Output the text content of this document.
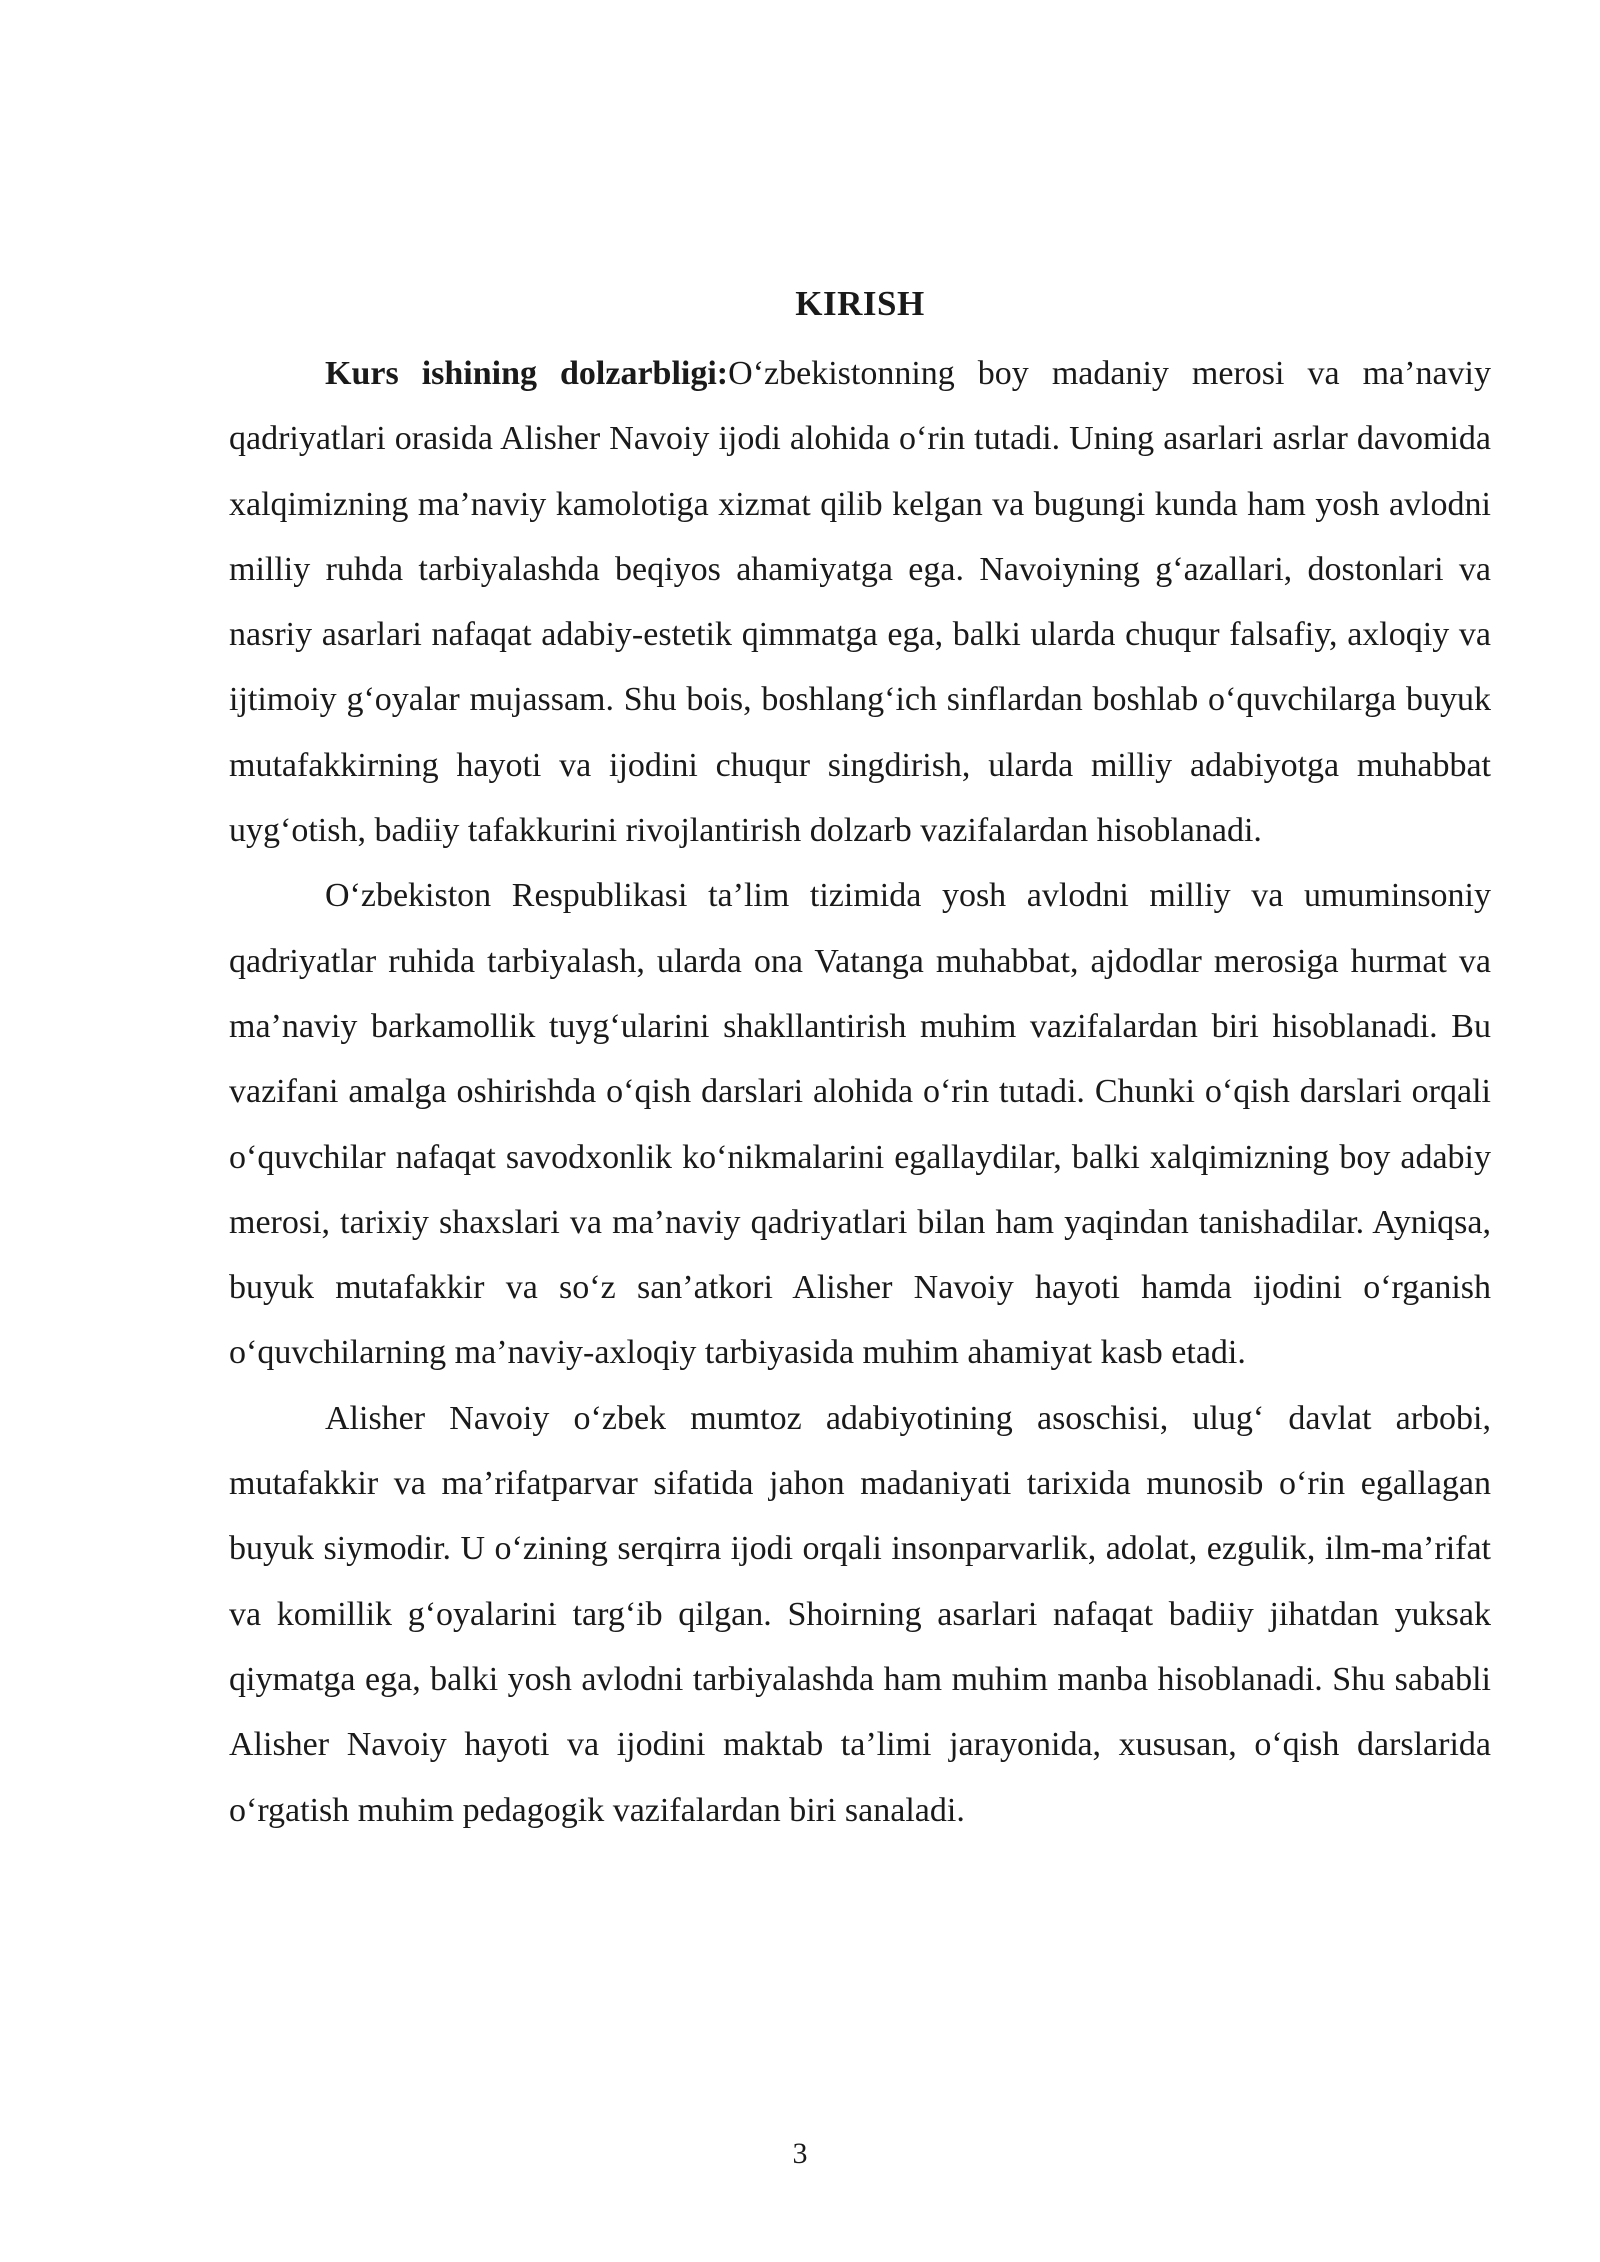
KIRISH

Kurs ishining dolzarbligi:O‘zbekistonning boy madaniy merosi va ma’naviy qadriyatlari orasida Alisher Navoiy ijodi alohida o‘rin tutadi. Uning asarlari asrlar davomida xalqimizning ma’naviy kamolotiga xizmat qilib kelgan va bugungi kunda ham yosh avlodni milliy ruhda tarbiyalashda beqiyos ahamiyatga ega. Navoiyning g‘azallari, dostonlari va nasriy asarlari nafaqat adabiy-estetik qimmatga ega, balki ularda chuqur falsafiy, axloqiy va ijtimoiy g‘oyalar mujassam. Shu bois, boshlang‘ich sinflardan boshlab o‘quvchilarga buyuk mutafakkirning hayoti va ijodini chuqur singdirish, ularda milliy adabiyotga muhabbat uyg‘otish, badiiy tafakkurini rivojlantirish dolzarb vazifalardan hisoblanadi.

O‘zbekiston Respublikasi ta’lim tizimida yosh avlodni milliy va umuminsoniy qadriyatlar ruhida tarbiyalash, ularda ona Vatanga muhabbat, ajdodlar merosiga hurmat va ma’naviy barkamollik tuyg‘ularini shakllantirish muhim vazifalardan biri hisoblanadi. Bu vazifani amalga oshirishda o‘qish darslari alohida o‘rin tutadi. Chunki o‘qish darslari orqali o‘quvchilar nafaqat savodxonlik ko‘nikmalarini egallaydilar, balki xalqimizning boy adabiy merosi, tarixiy shaxslari va ma’naviy qadriyatlari bilan ham yaqindan tanishadilar. Ayniqsa, buyuk mutafakkir va so‘z san’atkori Alisher Navoiy hayoti hamda ijodini o‘rganish o‘quvchilarning ma’naviy-axloqiy tarbiyasida muhim ahamiyat kasb etadi.

Alisher Navoiy o‘zbek mumtoz adabiyotining asoschisi, ulug‘ davlat arbobi, mutafakkir va ma’rifatparvar sifatida jahon madaniyati tarixida munosib o‘rin egallagan buyuk siymodir. U o‘zining serqirra ijodi orqali insonparvarlik, adolat, ezgulik, ilm-ma’rifat va komillik g‘oyalarini targ‘ib qilgan. Shoirning asarlari nafaqat badiiy jihatdan yuksak qiymatga ega, balki yosh avlodni tarbiyalashda ham muhim manba hisoblanadi. Shu sababli Alisher Navoiy hayoti va ijodini maktab ta’limi jarayonida, xususan, o‘qish darslarida o‘rgatish muhim pedagogik vazifalardan biri sanaladi.

3
